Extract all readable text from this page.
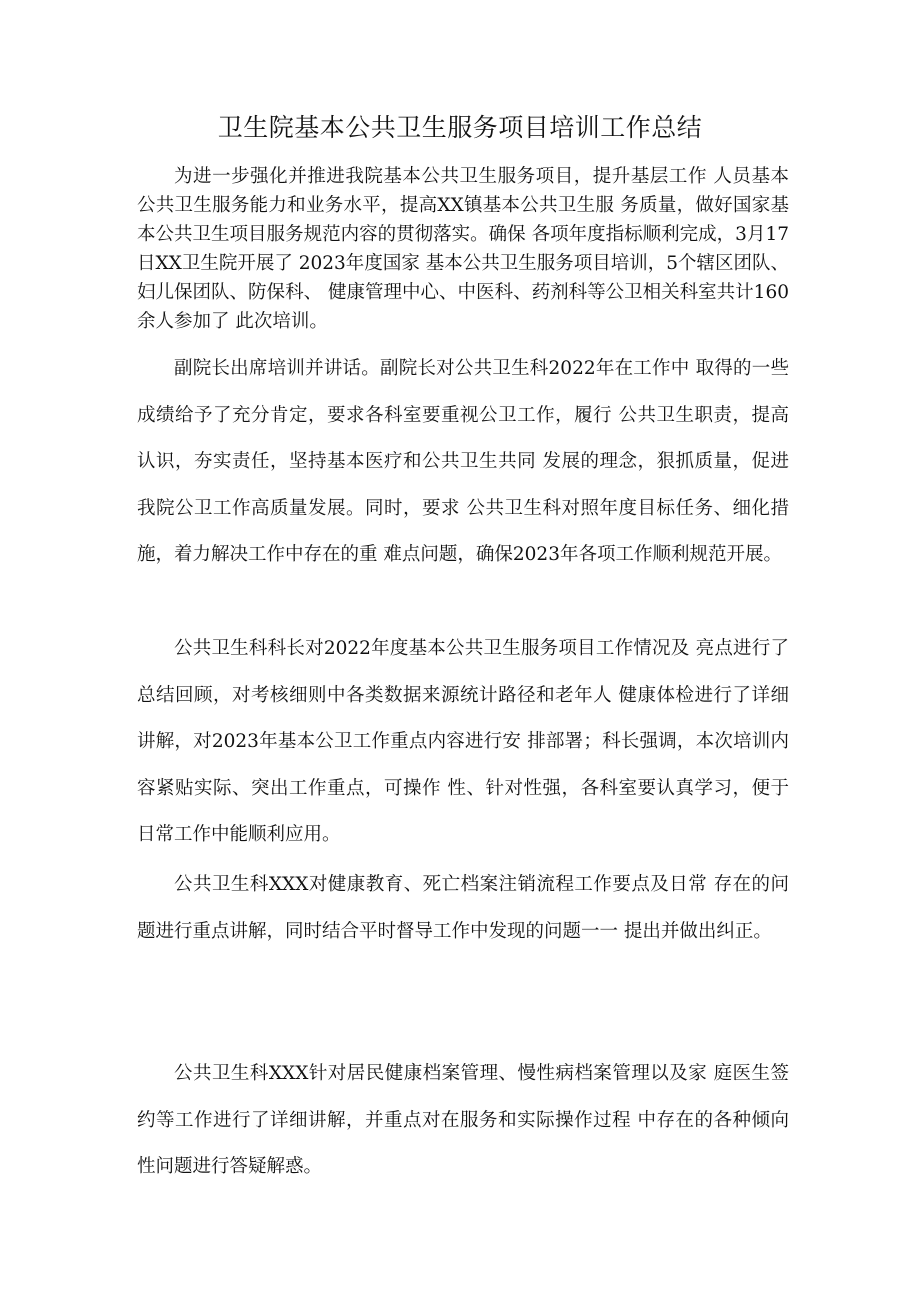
卫生院基本公共卫生服务项目培训工作总结

为进一步强化并推进我院基本公共卫生服务项目，提升基层工作 人员基本公共卫生服务能力和业务水平，提高XX镇基本公共卫生服 务质量，做好国家基本公共卫生项目服务规范内容的贯彻落实。确保 各项年度指标顺利完成，3月17日XX卫生院开展了 2023年度国家 基本公共卫生服务项目培训，5个辖区团队、妇儿保团队、防保科、 健康管理中心、中医科、药剂科等公卫相关科室共计160余人参加了 此次培训。

副院长出席培训并讲话。副院长对公共卫生科2022年在工作中 取得的一些成绩给予了充分肯定，要求各科室要重视公卫工作，履行 公共卫生职责，提高认识，夯实责任，坚持基本医疗和公共卫生共同 发展的理念，狠抓质量，促进我院公卫工作高质量发展。同时，要求 公共卫生科对照年度目标任务、细化措施，着力解决工作中存在的重 难点问题，确保2023年各项工作顺利规范开展。

公共卫生科科长对2022年度基本公共卫生服务项目工作情况及 亮点进行了总结回顾，对考核细则中各类数据来源统计路径和老年人 健康体检进行了详细讲解，对2023年基本公卫工作重点内容进行安 排部署；科长强调，本次培训内容紧贴实际、突出工作重点，可操作 性、针对性强，各科室要认真学习，便于日常工作中能顺利应用。

公共卫生科XXX对健康教育、死亡档案注销流程工作要点及日常 存在的问题进行重点讲解，同时结合平时督导工作中发现的问题一一 提出并做出纠正。

公共卫生科XXX针对居民健康档案管理、慢性病档案管理以及家 庭医生签约等工作进行了详细讲解，并重点对在服务和实际操作过程 中存在的各种倾向性问题进行答疑解惑。
